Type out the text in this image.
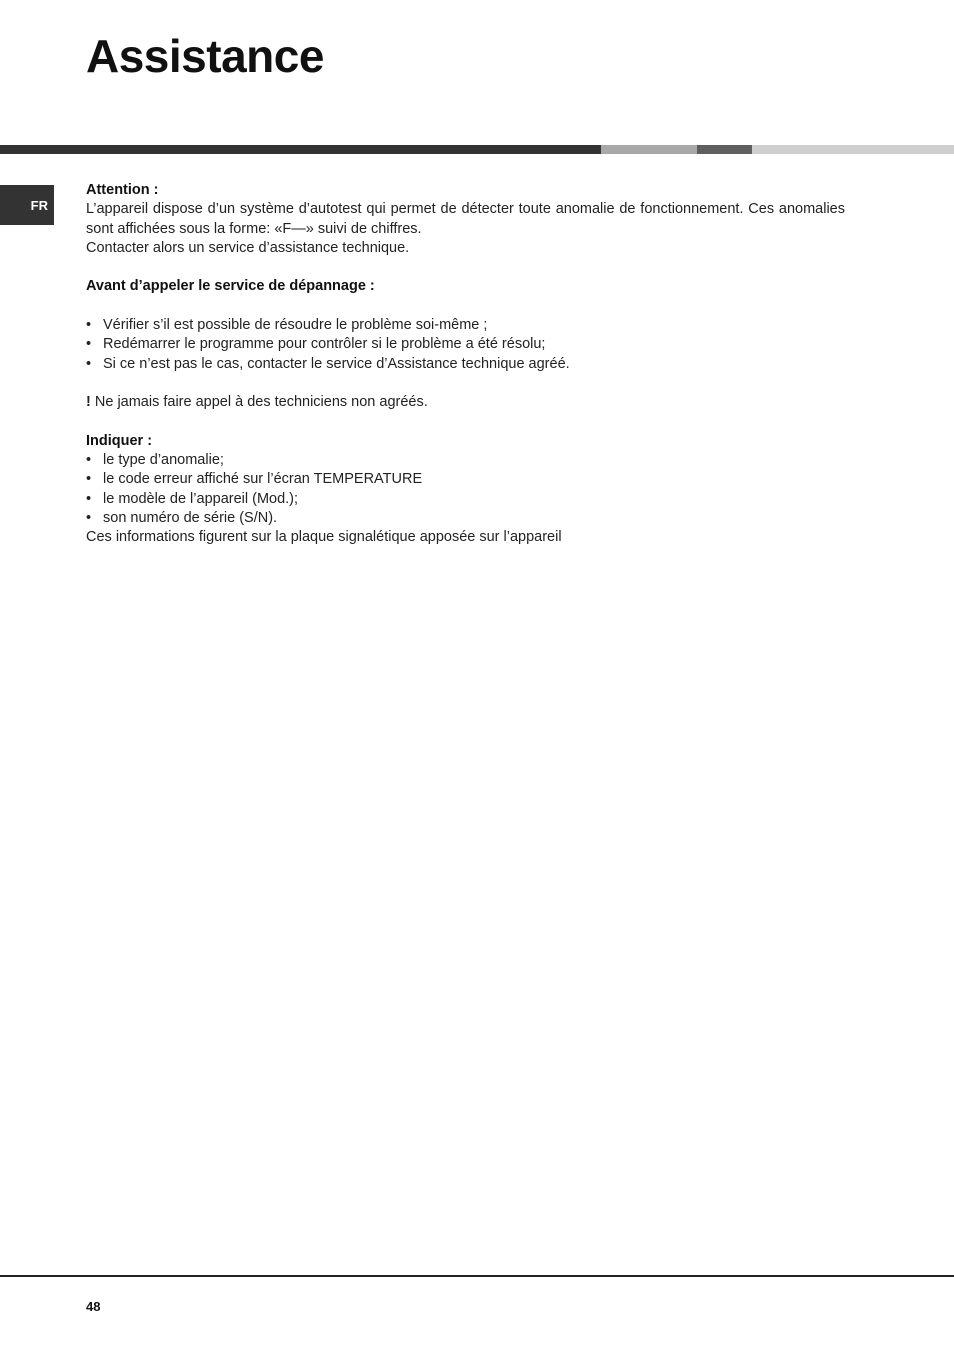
Assistance
FR

Attention :

L’appareil dispose d’un système d’autotest qui permet de détecter toute anomalie de fonctionnement. Ces anomalies sont affichées sous la forme: «F—» suivi de chiffres.

Contacter alors un service d’assistance technique.

Avant d’appeler le service de dépannage :

• Vérifier s’il est possible de résoudre le problème soi-même ;
• Redémarrer le programme pour contrôler si le problème a été résolu;
• Si ce n’est pas le cas, contacter le service d’Assistance technique agréé.

! Ne jamais faire appel à des techniciens non agréés.

Indiquer :

• le type d’anomalie;
• le code erreur affiché sur l’écran TEMPERATURE
• le modèle de l’appareil (Mod.);
• son numéro de série (S/N).

Ces informations figurent sur la plaque signalétique apposée sur l’appareil

48
